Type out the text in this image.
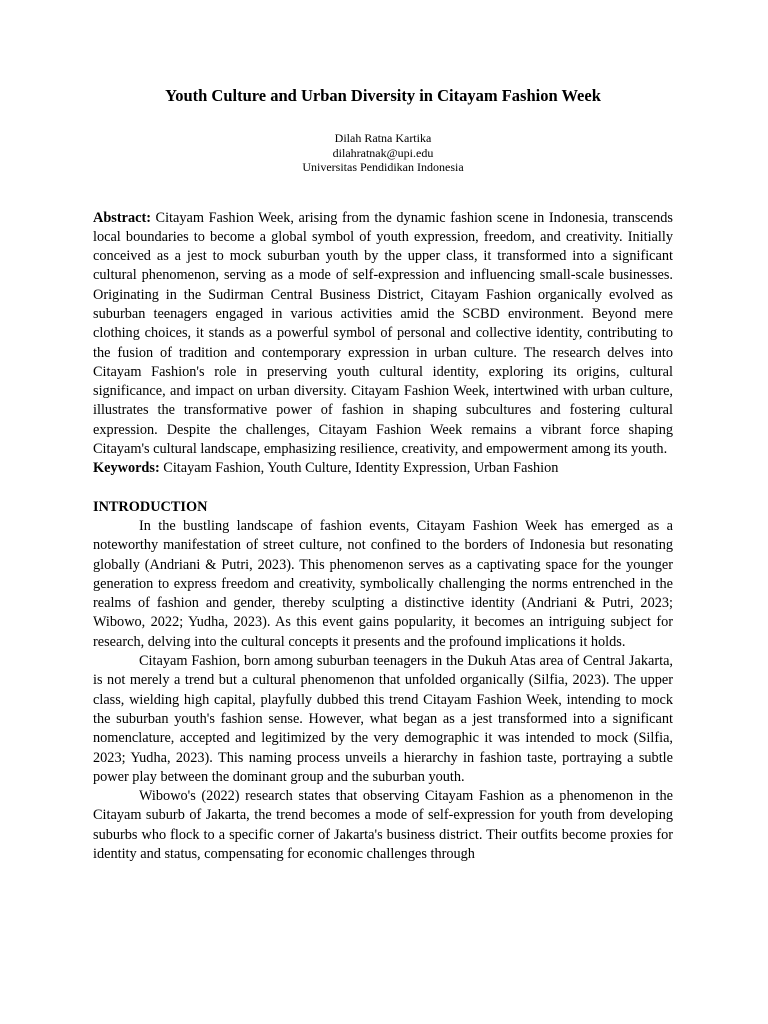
Youth Culture and Urban Diversity in Citayam Fashion Week
Dilah Ratna Kartika
dilahratnak@upi.edu
Universitas Pendidikan Indonesia
Abstract: Citayam Fashion Week, arising from the dynamic fashion scene in Indonesia, transcends local boundaries to become a global symbol of youth expression, freedom, and creativity. Initially conceived as a jest to mock suburban youth by the upper class, it transformed into a significant cultural phenomenon, serving as a mode of self-expression and influencing small-scale businesses. Originating in the Sudirman Central Business District, Citayam Fashion organically evolved as suburban teenagers engaged in various activities amid the SCBD environment. Beyond mere clothing choices, it stands as a powerful symbol of personal and collective identity, contributing to the fusion of tradition and contemporary expression in urban culture. The research delves into Citayam Fashion's role in preserving youth cultural identity, exploring its origins, cultural significance, and impact on urban diversity. Citayam Fashion Week, intertwined with urban culture, illustrates the transformative power of fashion in shaping subcultures and fostering cultural expression. Despite the challenges, Citayam Fashion Week remains a vibrant force shaping Citayam's cultural landscape, emphasizing resilience, creativity, and empowerment among its youth.
Keywords: Citayam Fashion, Youth Culture, Identity Expression, Urban Fashion
INTRODUCTION

In the bustling landscape of fashion events, Citayam Fashion Week has emerged as a noteworthy manifestation of street culture, not confined to the borders of Indonesia but resonating globally (Andriani & Putri, 2023). This phenomenon serves as a captivating space for the younger generation to express freedom and creativity, symbolically challenging the norms entrenched in the realms of fashion and gender, thereby sculpting a distinctive identity (Andriani & Putri, 2023; Wibowo, 2022; Yudha, 2023). As this event gains popularity, it becomes an intriguing subject for research, delving into the cultural concepts it presents and the profound implications it holds.

Citayam Fashion, born among suburban teenagers in the Dukuh Atas area of Central Jakarta, is not merely a trend but a cultural phenomenon that unfolded organically (Silfia, 2023). The upper class, wielding high capital, playfully dubbed this trend Citayam Fashion Week, intending to mock the suburban youth's fashion sense. However, what began as a jest transformed into a significant nomenclature, accepted and legitimized by the very demographic it was intended to mock (Silfia, 2023; Yudha, 2023). This naming process unveils a hierarchy in fashion taste, portraying a subtle power play between the dominant group and the suburban youth.

Wibowo's (2022) research states that observing Citayam Fashion as a phenomenon in the Citayam suburb of Jakarta, the trend becomes a mode of self-expression for youth from developing suburbs who flock to a specific corner of Jakarta's business district. Their outfits become proxies for identity and status, compensating for economic challenges through
